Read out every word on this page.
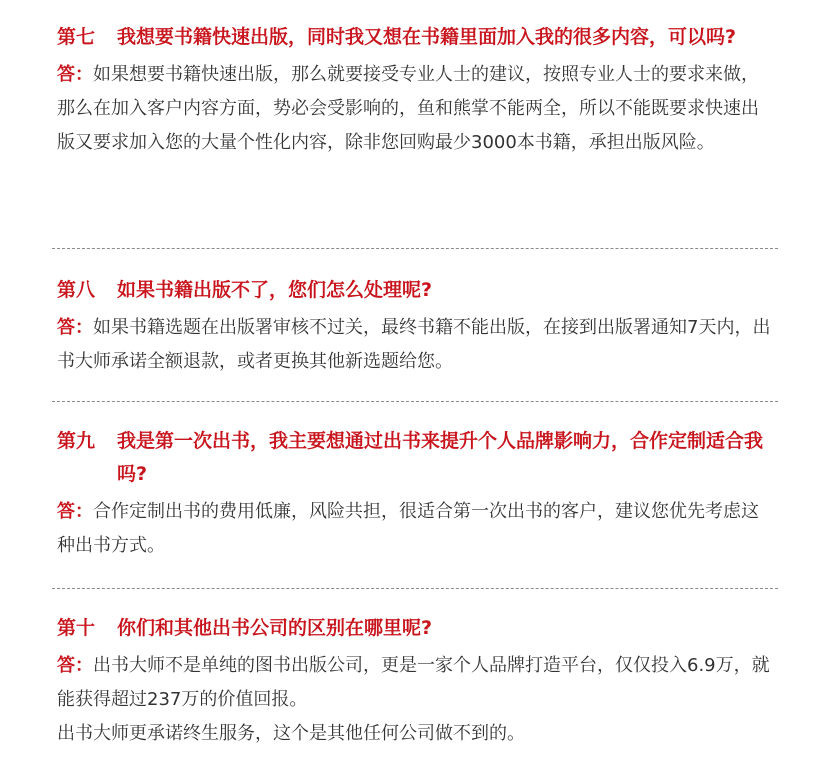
第七	我想要书籍快速出版，同时我又想在书籍里面加入我的很多内容，可以吗?
答：如果想要书籍快速出版，那么就要接受专业人士的建议，按照专业人士的要求来做，那么在加入客户内容方面，势必会受影响的，鱼和熊掌不能两全，所以不能既要求快速出版又要求加入您的大量个性化内容，除非您回购最少3000本书籍，承担出版风险。
第八	如果书籍出版不了，您们怎么处理呢?
答：如果书籍选题在出版署审核不过关，最终书籍不能出版，在接到出版署通知7天内，出书大师承诺全额退款，或者更换其他新选题给您。
第九	我是第一次出书，我主要想通过出书来提升个人品牌影响力，合作定制适合我吗?
答：合作定制出书的费用低廉，风险共担，很适合第一次出书的客户，建议您优先考虑这种出书方式。
第十	你们和其他出书公司的区别在哪里呢?
答：出书大师不是单纯的图书出版公司，更是一家个人品牌打造平台，仅仅投入6.9万，就能获得超过237万的价值回报。
出书大师更承诺终生服务，这个是其他任何公司做不到的。
